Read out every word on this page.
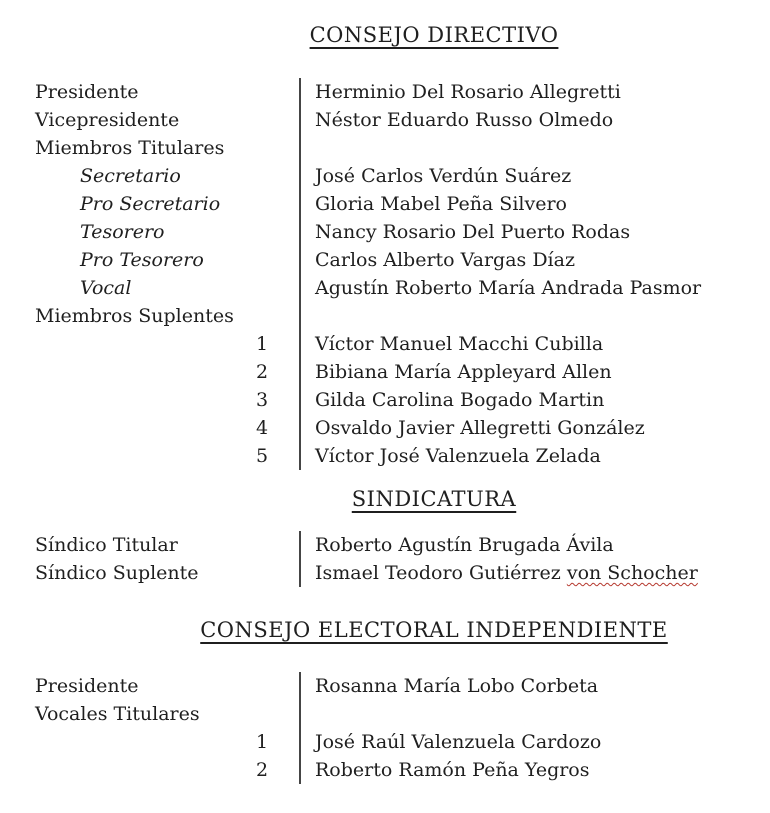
CONSEJO DIRECTIVO
Presidente	Herminio Del Rosario Allegretti
Vicepresidente	Néstor Eduardo Russo Olmedo
Miembros Titulares
Secretario	José Carlos Verdún Suárez
Pro Secretario	Gloria Mabel Peña Silvero
Tesorero	Nancy Rosario Del Puerto Rodas
Pro Tesorero	Carlos Alberto Vargas Díaz
Vocal	Agustín Roberto María Andrada Pasmor
Miembros Suplentes
1	Víctor Manuel Macchi Cubilla
2	Bibiana María Appleyard Allen
3	Gilda Carolina Bogado Martin
4	Osvaldo Javier Allegretti González
5	Víctor José Valenzuela Zelada
SINDICATURA
Síndico Titular	Roberto Agustín Brugada Ávila
Síndico Suplente	Ismael Teodoro Gutiérrez von Schocher
CONSEJO ELECTORAL INDEPENDIENTE
Presidente	Rosanna María Lobo Corbeta
Vocales Titulares
1	José Raúl Valenzuela Cardozo
2	Roberto Ramón Peña Yegros
